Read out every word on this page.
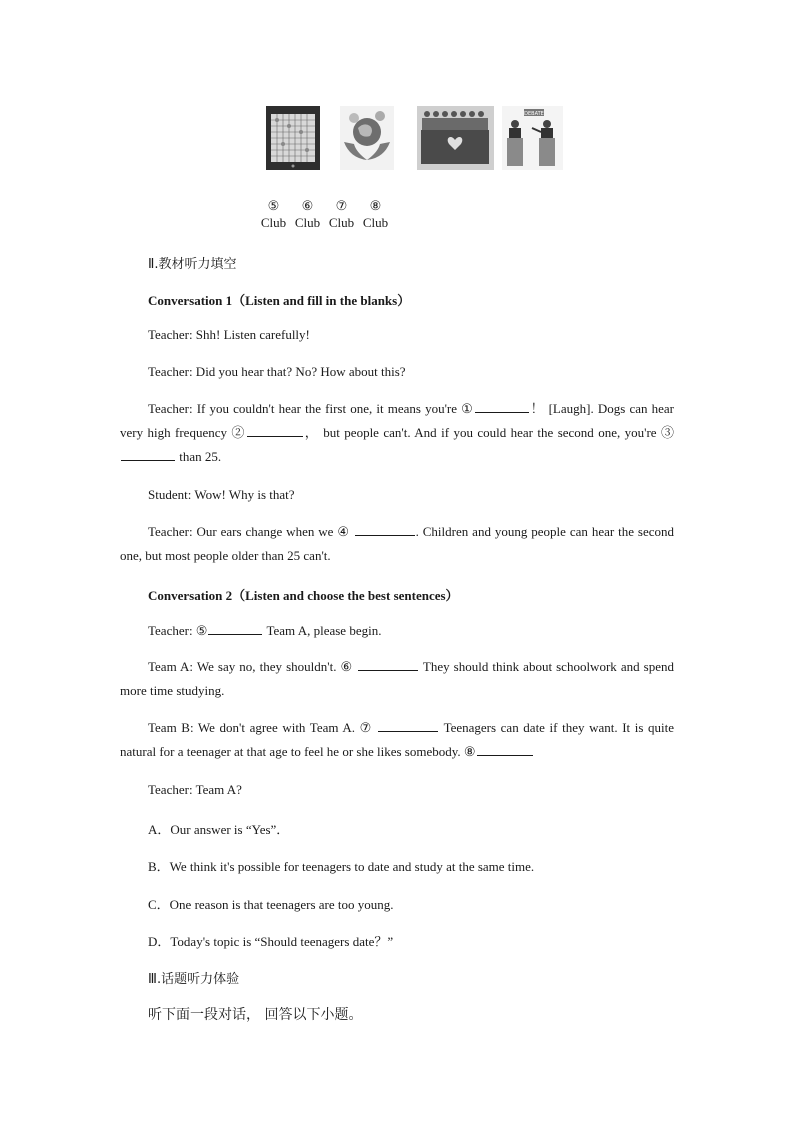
DEBATE
⑤
Club
⑥
Club
⑦
Club
⑧
Club
Ⅱ.教材听力填空
Conversation 1（Listen and fill in the blanks）
Teacher: Shh! Listen carefully!
Teacher: Did you hear that? No? How about this?
Teacher: If you couldn't hear the first one, it means you're ①	！ [Laugh]. Dogs can hear very high frequency ②	， but people can't. And if you could hear the second one, you're ③ than 25.
Student: Wow! Why is that?
Teacher: Our ears change when we ④	. Children and young people can hear the second one, but most people older than 25 can't.
Conversation 2（Listen and choose the best sentences）
Teacher: ⑤	Team A, please begin.
Team A: We say no, they shouldn't. ⑥	They should think about schoolwork and spend more time studying.
Team B: We don't agree with Team A. ⑦	Teenagers can date if they want. It is quite natural for a teenager at that age to feel he or she likes somebody. ⑧
Teacher: Team A?
A．Our answer is “Yes”．
B．We think it's possible for teenagers to date and study at the same time.
C．One reason is that teenagers are too young.
D．Today's topic is “Should teenagers date？”
Ⅲ.话题听力体验
听下面一段对话， 回答以下小题。
